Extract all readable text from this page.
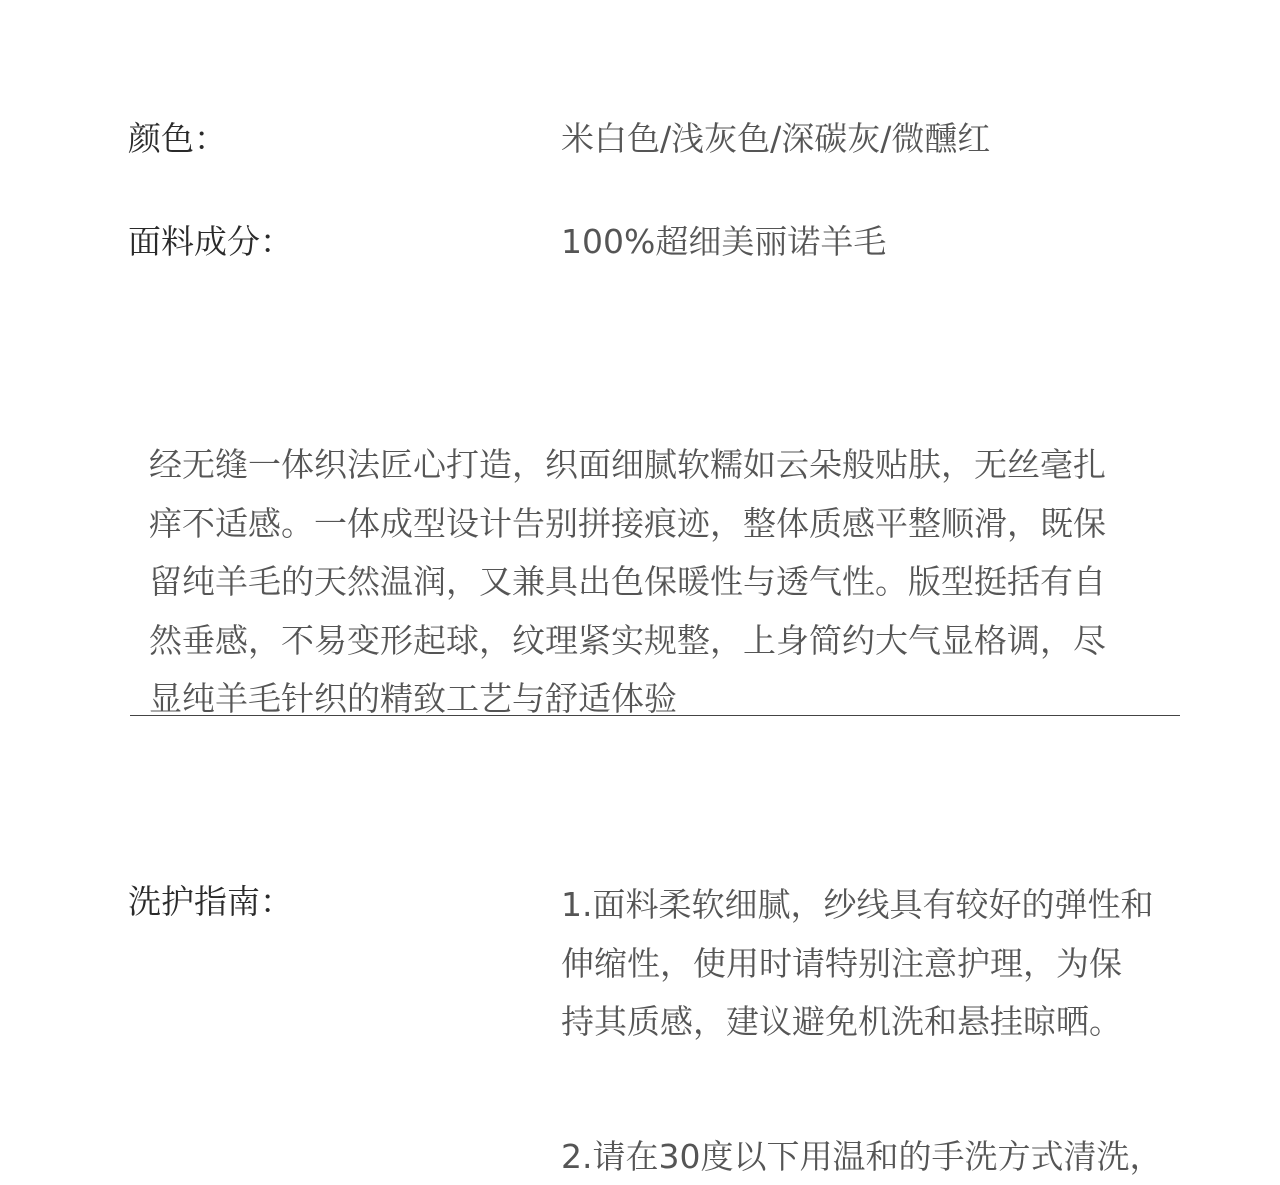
颜色：	米白色/浅灰色/深碳灰/微醺红
面料成分：	100%超细美丽诺羊毛
经无缝一体织法匠心打造，织面细腻软糯如云朵般贴肤，无丝毫扎
痒不适感。一体成型设计告别拼接痕迹，整体质感平整顺滑，既保
留纯羊毛的天然温润，又兼具出色保暖性与透气性。版型挺括有自
然垂感，不易变形起球，纹理紧实规整，上身简约大气显格调，尽
显纯羊毛针织的精致工艺与舒适体验
洗护指南：	1.面料柔软细腻，纱线具有较好的弹性和
伸缩性，使用时请特别注意护理，为保
持其质感，建议避免机洗和悬挂晾晒。
2.请在30度以下用温和的手洗方式清洗，
